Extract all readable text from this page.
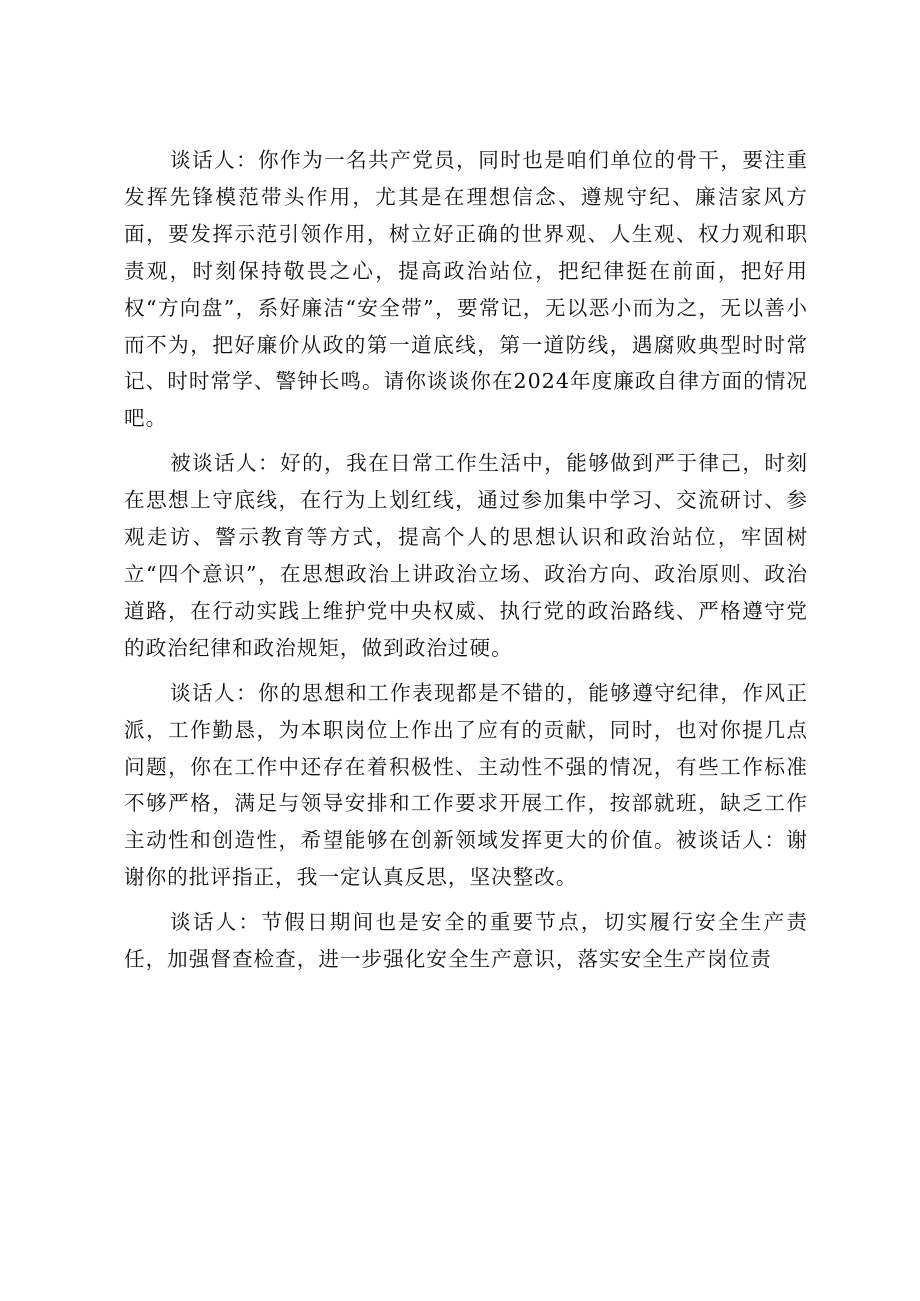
谈话人：你作为一名共产党员，同时也是咱们单位的骨干，要注重发挥先锋模范带头作用，尤其是在理想信念、遵规守纪、廉洁家风方面，要发挥示范引领作用，树立好正确的世界观、人生观、权力观和职责观，时刻保持敬畏之心，提高政治站位，把纪律挺在前面，把好用权“方向盘”，系好廉洁“安全带”，要常记，无以恶小而为之，无以善小而不为，把好廉价从政的第一道底线，第一道防线，遇腐败典型时时常记、时时常学、警钟长鸣。请你谈谈你在2024年度廉政自律方面的情况吧。

被谈话人：好的，我在日常工作生活中，能够做到严于律己，时刻在思想上守底线，在行为上划红线，通过参加集中学习、交流研讨、参观走访、警示教育等方式，提高个人的思想认识和政治站位，牢固树立“四个意识”，在思想政治上讲政治立场、政治方向、政治原则、政治道路，在行动实践上维护党中央权威、执行党的政治路线、严格遵守党的政治纪律和政治规矩，做到政治过硬。

谈话人：你的思想和工作表现都是不错的，能够遵守纪律，作风正派，工作勤恳，为本职岗位上作出了应有的贡献，同时，也对你提几点问题，你在工作中还存在着积极性、主动性不强的情况，有些工作标准不够严格，满足与领导安排和工作要求开展工作，按部就班，缺乏工作主动性和创造性，希望能够在创新领域发挥更大的价值。被谈话人：谢谢你的批评指正，我一定认真反思，坚决整改。

谈话人：节假日期间也是安全的重要节点，切实履行安全生产责任，加强督查检查，进一步强化安全生产意识，落实安全生产岗位责
